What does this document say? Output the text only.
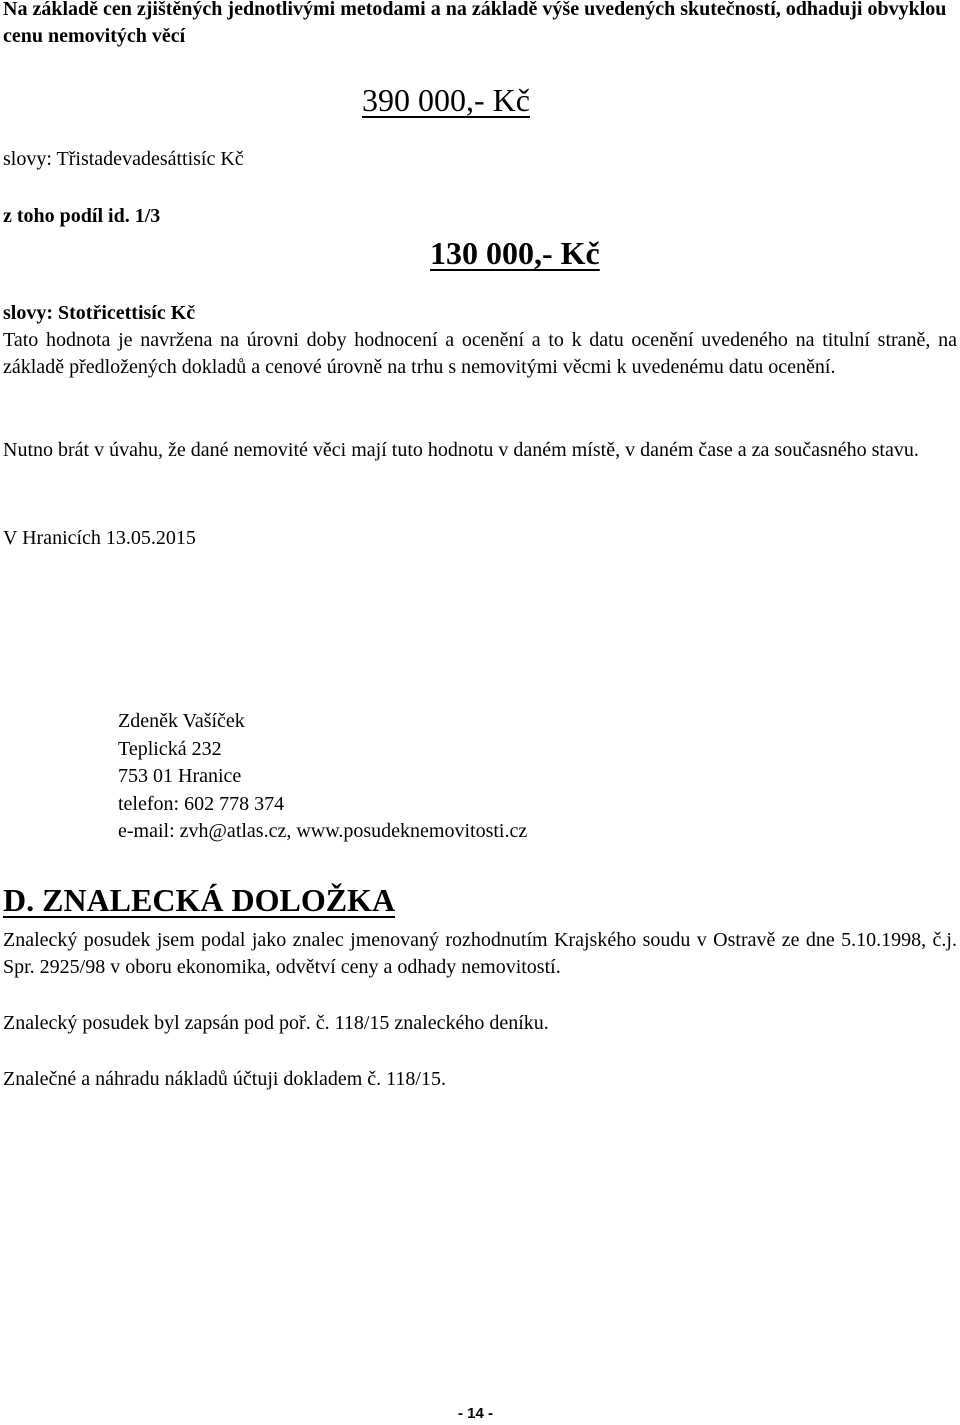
Na základě cen zjištěných jednotlivými metodami a na základě výše uvedených skutečností, odhaduji obvyklou cenu nemovitých věcí
390 000,- Kč
slovy: Třistadevadesáttisíc Kč
z toho podíl id. 1/3
130 000,- Kč
slovy: Stotřicettisíc Kč
Tato hodnota je navržena na úrovni doby hodnocení a ocenění a to k datu ocenění uvedeného na titulní straně, na základě předložených dokladů a cenové úrovně na trhu s nemovitými věcmi k uvedenému datu ocenění.
Nutno brát v úvahu, že dané nemovité věci mají tuto hodnotu v daném místě, v daném čase a za současného stavu.
V Hranicích 13.05.2015
Zdeněk Vašíček
Teplická 232
753 01 Hranice
telefon: 602 778 374
e-mail: zvh@atlas.cz, www.posudeknemovitosti.cz
D. ZNALECKÁ DOLOŽKA
Znalecký posudek jsem podal jako znalec jmenovaný rozhodnutím Krajského soudu v Ostravě ze dne 5.10.1998, č.j. Spr. 2925/98 v oboru ekonomika, odvětví ceny a odhady nemovitostí.
Znalecký posudek byl zapsán pod poř. č. 118/15 znaleckého deníku.
Znalečné a náhradu nákladů účtuji dokladem č. 118/15.
- 14 -
